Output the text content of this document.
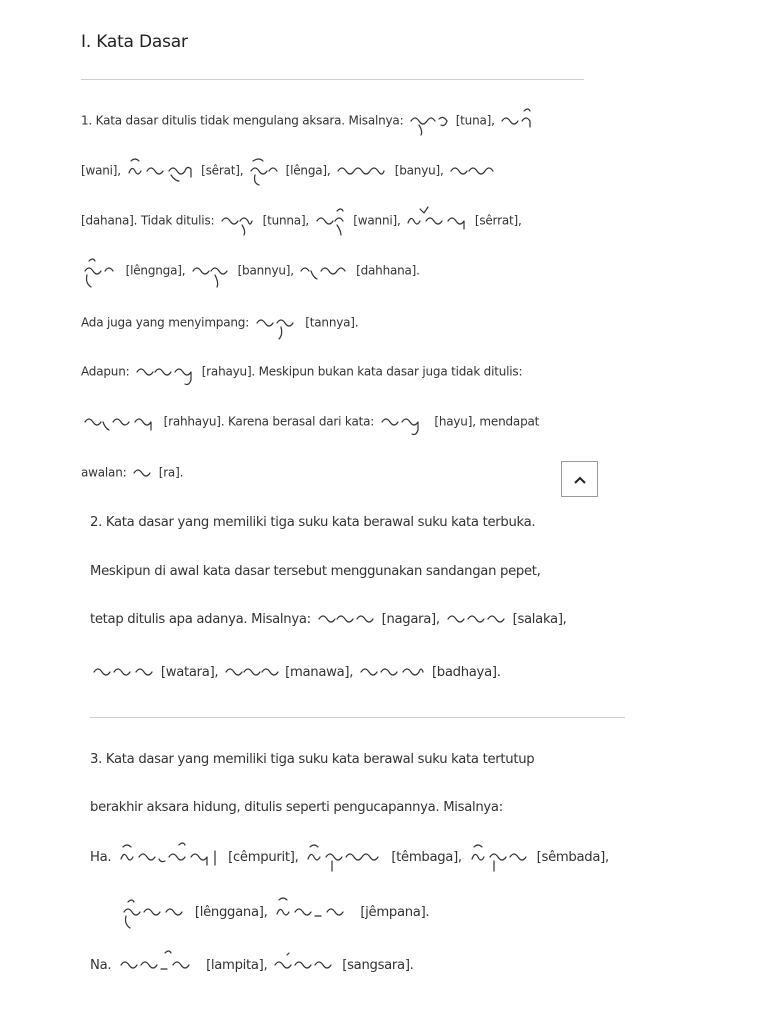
I. Kata Dasar
1. Kata dasar ditulis tidak mengulang aksara. Misalnya:	[tuna],
[wani],	[sêrat],	[lênga],	[banyu],
[dahana]. Tidak ditulis:	[tunna],	[wanni],	[sêrrat],
[lêngnga],	[bannyu],	[dahhana].
Ada juga yang menyimpang:	[tannya].
Adapun:	[rahayu]. Meskipun bukan kata dasar juga tidak ditulis:
[rahhayu]. Karena berasal dari kata:	[hayu], mendapat
awalan:	[ra].
2. Kata dasar yang memiliki tiga suku kata berawal suku kata terbuka.
Meskipun di awal kata dasar tersebut menggunakan sandangan pepet,
tetap ditulis apa adanya. Misalnya:	[nagara],	[salaka],
[watara],	[manawa],	[badhaya].
3. Kata dasar yang memiliki tiga suku kata berawal suku kata tertutup
berakhir aksara hidung, ditulis seperti pengucapannya. Misalnya:
Ha.	[cêmpurit],	[têmbaga],	[sêmbada],
[lênggana],	[jêmpana].
Na.	[lampita],	[sangsara].
